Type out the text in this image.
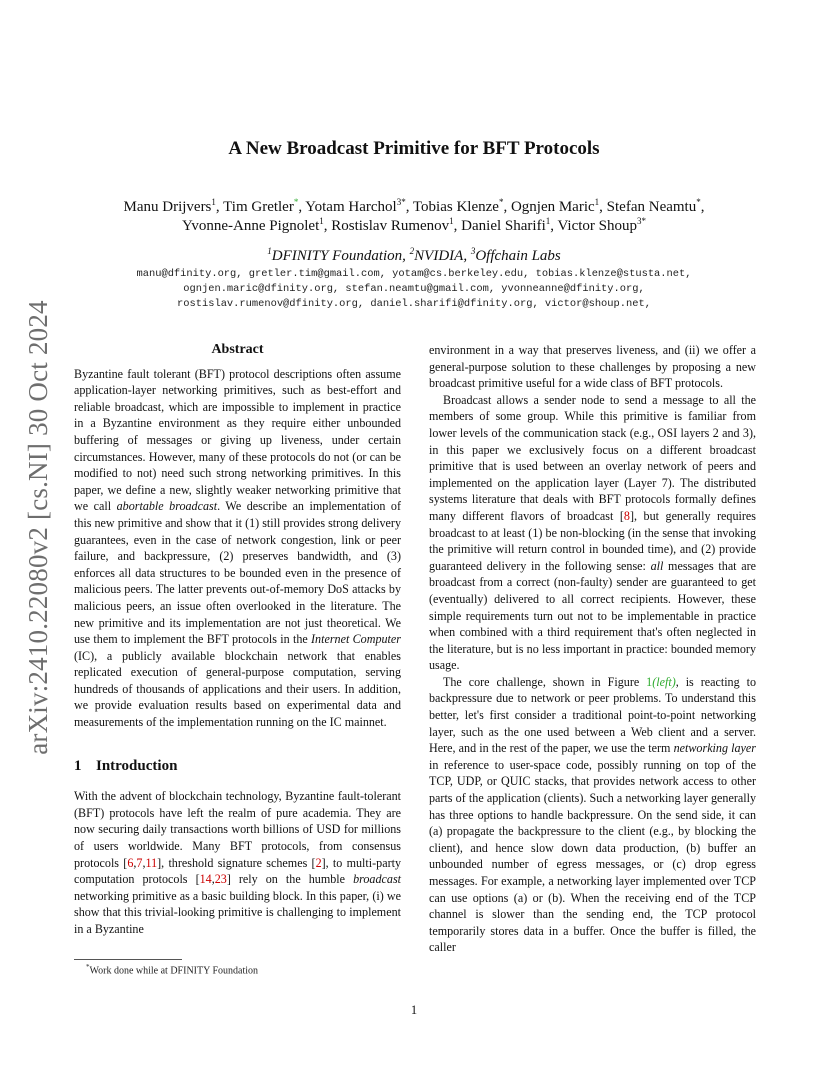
arXiv:2410.22080v2 [cs.NI] 30 Oct 2024
A New Broadcast Primitive for BFT Protocols
Manu Drijvers$^1$, Tim Gretler*, Yotam Harchol$^{3*}$, Tobias Klenze*, Ognjen Maric$^1$, Stefan Neamtu*,
Yvonne-Anne Pignolet$^1$, Rostislav Rumenov$^1$, Daniel Sharifi$^1$, Victor Shoup$^{3*}$
$^1$DFINITY Foundation, $^2$NVIDIA, $^3$Offchain Labs
manu@dfinity.org, gretler.tim@gmail.com, yotam@cs.berkeley.edu, tobias.klenze@stusta.net,
ognjen.maric@dfinity.org, stefan.neamtu@gmail.com, yvonneanne@dfinity.org,
rostislav.rumenov@dfinity.org, daniel.sharifi@dfinity.org, victor@shoup.net,
Abstract

Byzantine fault tolerant (BFT) protocol descriptions often assume application-layer networking primitives, such as best-effort and reliable broadcast, which are impossible to implement in practice in a Byzantine environment as they require either unbounded buffering of messages or giving up liveness, under certain circumstances. However, many of these protocols do not (or can be modified to not) need such strong networking primitives. In this paper, we define a new, slightly weaker networking primitive that we call abortable broadcast. We describe an implementation of this new primitive and show that it (1) still provides strong delivery guarantees, even in the case of network congestion, link or peer failure, and backpressure, (2) preserves bandwidth, and (3) enforces all data structures to be bounded even in the presence of malicious peers. The latter prevents out-of-memory DoS attacks by malicious peers, an issue often overlooked in the literature. The new primitive and its implementation are not just theoretical. We use them to implement the BFT protocols in the Internet Computer (IC), a publicly available blockchain network that enables replicated execution of general-purpose computation, serving hundreds of thousands of applications and their users. In addition, we provide evaluation results based on experimental data and measurements of the implementation running on the IC mainnet.

1 Introduction

With the advent of blockchain technology, Byzantine fault-tolerant (BFT) protocols have left the realm of pure academia. They are now securing daily transactions worth billions of USD for millions of users worldwide. Many BFT protocols, from consensus protocols [6,7,11], threshold signature schemes [2], to multi-party computation protocols [14,23] rely on the humble broadcast networking primitive as a basic building block. In this paper, (i) we show that this trivial-looking primitive is challenging to implement in a Byzantine

environment in a way that preserves liveness, and (ii) we offer a general-purpose solution to these challenges by proposing a new broadcast primitive useful for a wide class of BFT protocols.

Broadcast allows a sender node to send a message to all the members of some group. While this primitive is familiar from lower levels of the communication stack (e.g., OSI layers 2 and 3), in this paper we exclusively focus on a different broadcast primitive that is used between an overlay network of peers and implemented on the application layer (Layer 7). The distributed systems literature that deals with BFT protocols formally defines many different flavors of broadcast [8], but generally requires broadcast to at least (1) be non-blocking (in the sense that invoking the primitive will return control in bounded time), and (2) provide guaranteed delivery in the following sense: all messages that are broadcast from a correct (non-faulty) sender are guaranteed to get (eventually) delivered to all correct recipients. However, these simple requirements turn out not to be implementable in practice when combined with a third requirement that's often neglected in the literature, but is no less important in practice: bounded memory usage.

The core challenge, shown in Figure 1(left), is reacting to backpressure due to network or peer problems. To understand this better, let's first consider a traditional point-to-point networking layer, such as the one used between a Web client and a server. Here, and in the rest of the paper, we use the term networking layer in reference to user-space code, possibly running on top of the TCP, UDP, or QUIC stacks, that provides network access to other parts of the application (clients). Such a networking layer generally has three options to handle backpressure. On the send side, it can (a) propagate the backpressure to the client (e.g., by blocking the client), and hence slow down data production, (b) buffer an unbounded number of egress messages, or (c) drop egress messages. For example, a networking layer implemented over TCP can use options (a) or (b). When the receiving end of the TCP channel is slower than the sending end, the TCP protocol temporarily stores data in a buffer. Once the buffer is filled, the caller

*Work done while at DFINITY Foundation
1
